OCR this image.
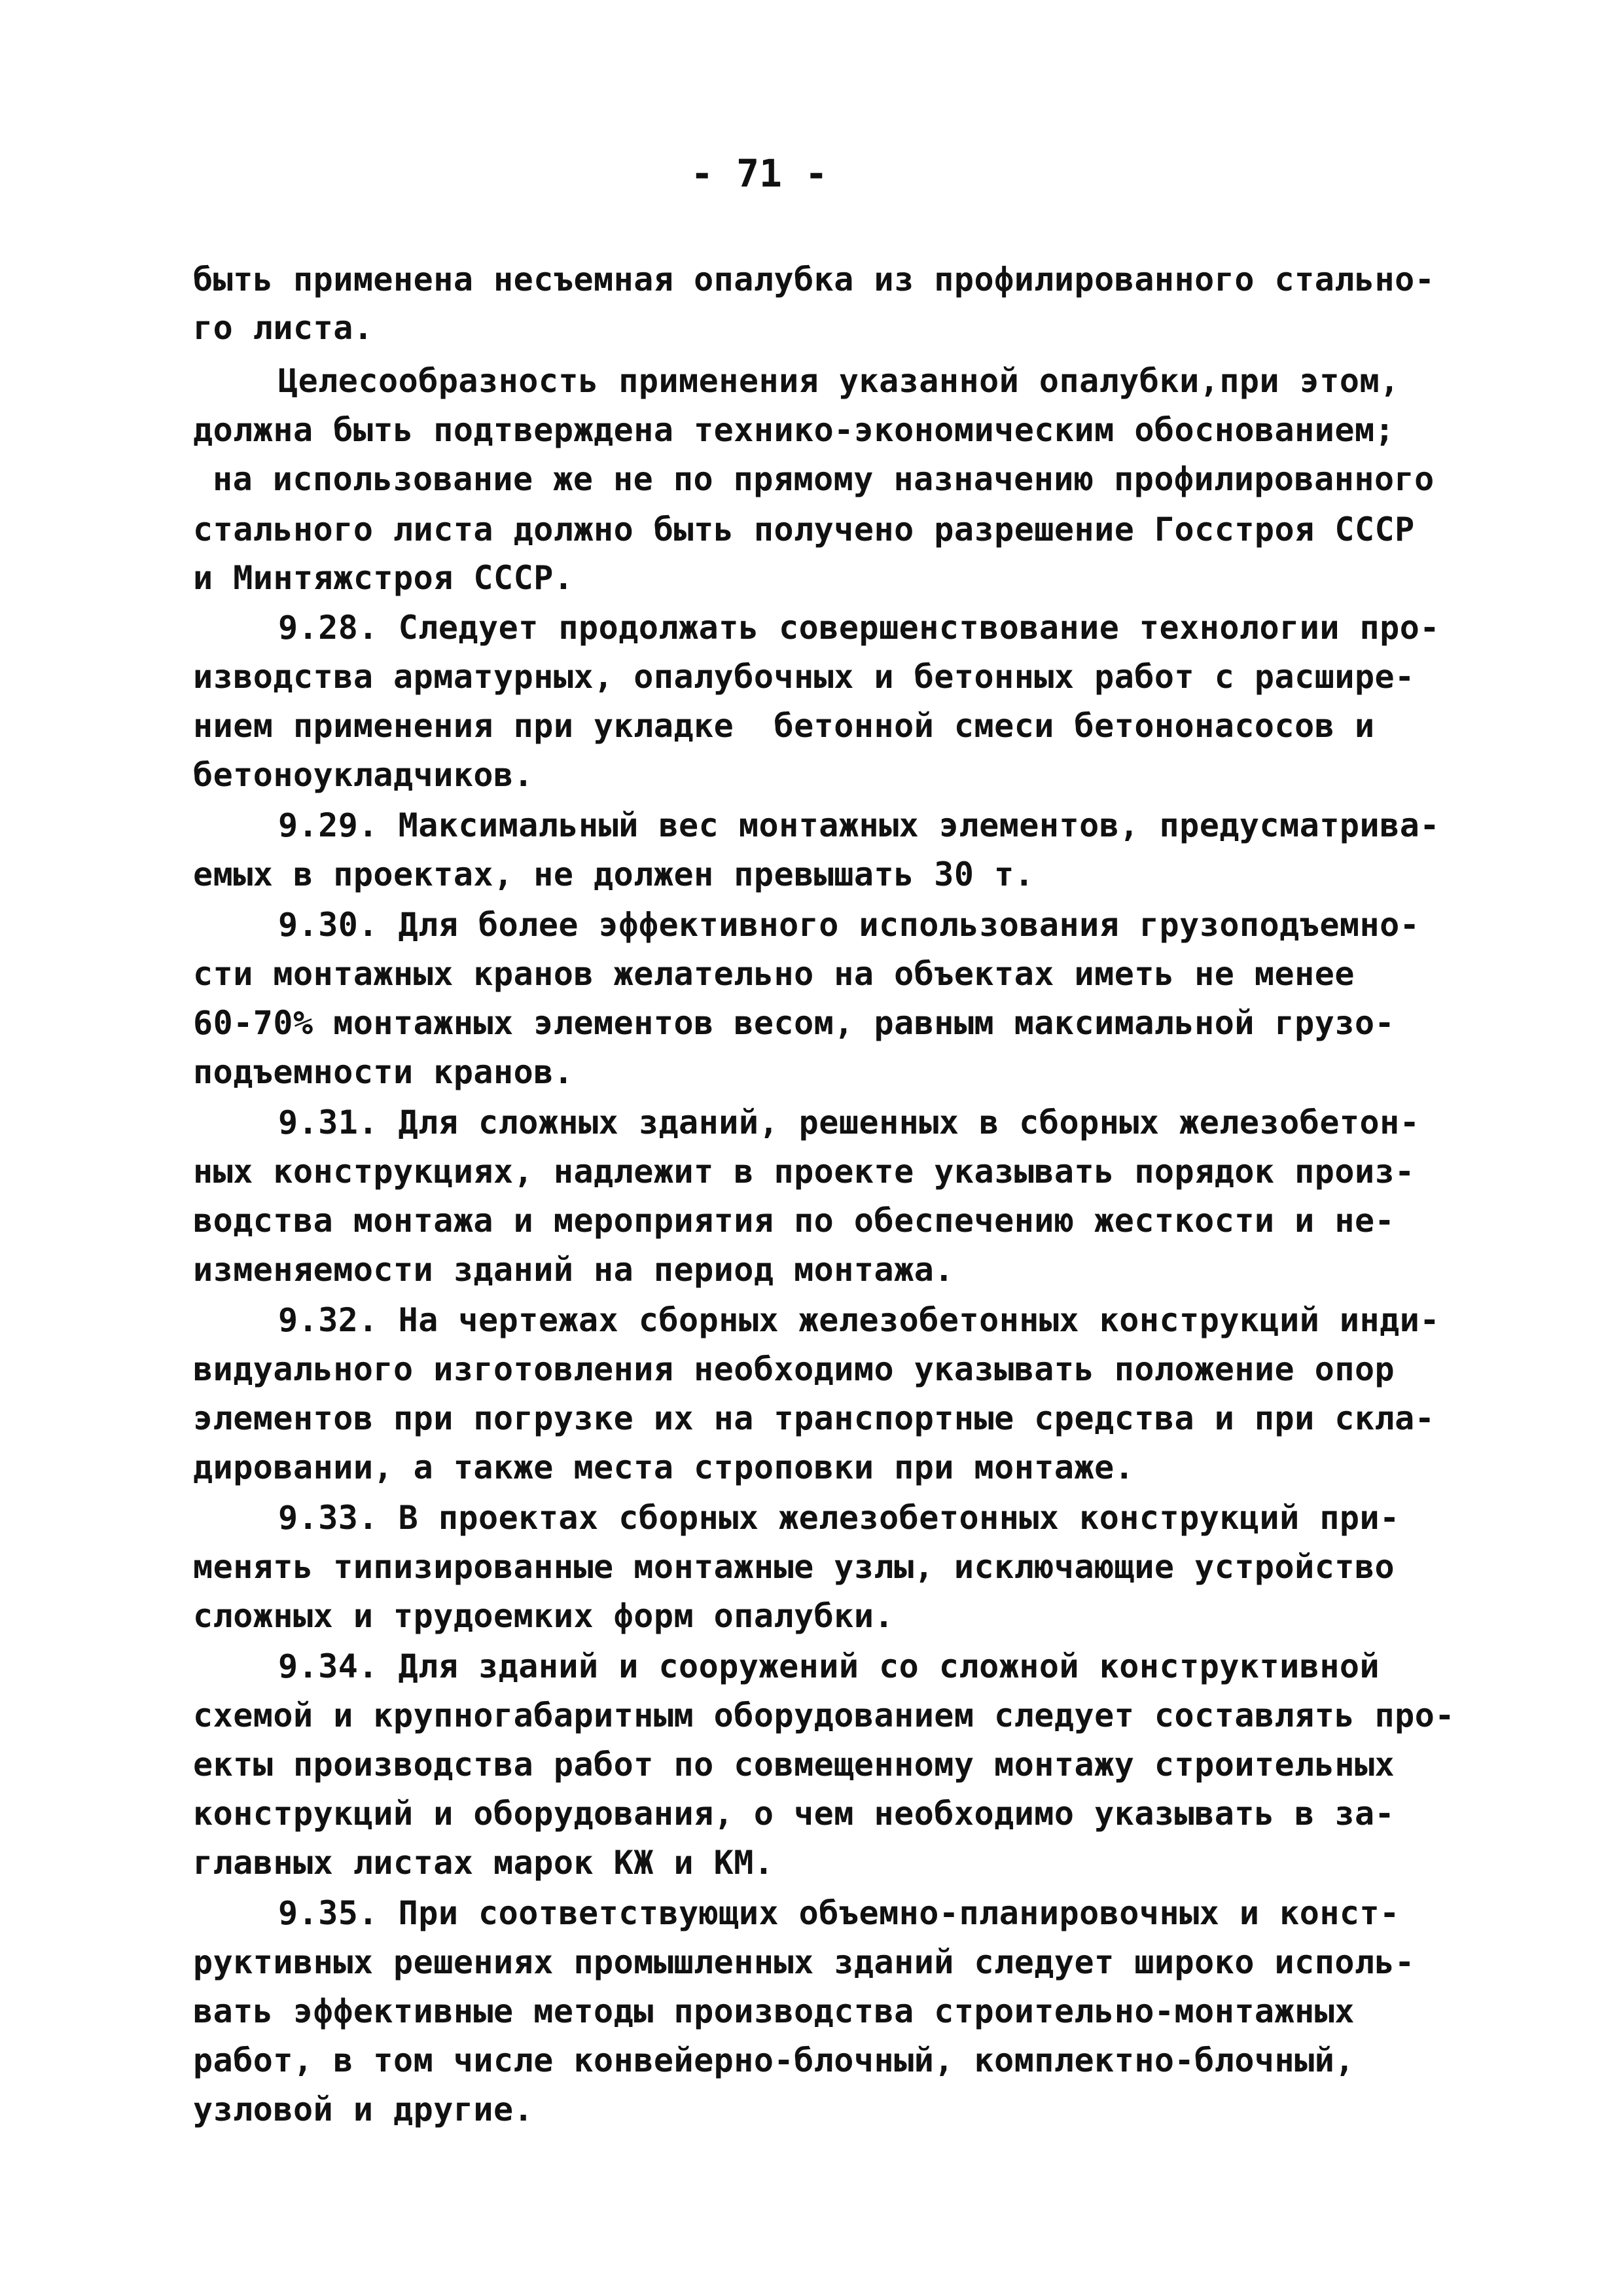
- 71 -
быть применена несъемная опалубка из профилированного стально-
го листа.
Целесообразность применения указанной опалубки,при этом,
должна быть подтверждена технико-экономическим обоснованием;
на использование же не по прямому назначению профилированного
стального листа должно быть получено разрешение Госстроя СССР
и Минтяжстроя СССР.
9.28. Следует продолжать совершенствование технологии про-
изводства арматурных, опалубочных и бетонных работ с расшире-
нием применения при укладке  бетонной смеси бетононасосов и
бетоноукладчиков.
9.29. Максимальный вес монтажных элементов, предусматрива-
емых в проектах, не должен превышать 30 т.
9.30. Для более эффективного использования грузоподъемно-
сти монтажных кранов желательно на объектах иметь не менее
60-70% монтажных элементов весом, равным максимальной грузо-
подъемности кранов.
9.31. Для сложных зданий, решенных в сборных железобетон-
ных конструкциях, надлежит в проекте указывать порядок произ-
водства монтажа и мероприятия по обеспечению жесткости и не-
изменяемости зданий на период монтажа.
9.32. На чертежах сборных железобетонных конструкций инди-
видуального изготовления необходимо указывать положение опор
элементов при погрузке их на транспортные средства и при скла-
дировании, а также места строповки при монтаже.
9.33. В проектах сборных железобетонных конструкций при-
менять типизированные монтажные узлы, исключающие устройство
сложных и трудоемких форм опалубки.
9.34. Для зданий и сооружений со сложной конструктивной
схемой и крупногабаритным оборудованием следует составлять про-
екты производства работ по совмещенному монтажу строительных
конструкций и оборудования, о чем необходимо указывать в за-
главных листах марок КЖ и КМ.
9.35. При соответствующих объемно-планировочных и конст-
руктивных решениях промышленных зданий следует широко исполь-
вать эффективные методы производства строительно-монтажных
работ, в том числе конвейерно-блочный, комплектно-блочный,
узловой и другие.
